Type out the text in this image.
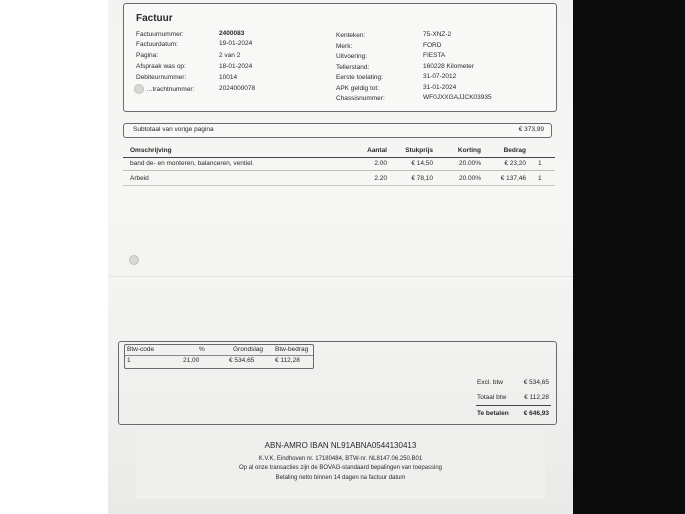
Factuur
Factuurnummer:	2400083
Factuurdatum:	19-01-2024
Pagina:	2 van 2
Afspraak was op:	18-01-2024
Debiteurnummer:	10014
…trachtnummer:	2024000078
Kenteken:	75-XNZ-2
Merk:	FORD
Uitvoering:	FIESTA
Tellerstand:	160228 Kilometer
Eerste toelating:	31-07-2012
APK geldig tot:	31-01-2024
Chassisnummer:	WF0JXXGAJJCK03935
Subtotaal van vorige pagina	€ 373,99
Omschrijving	Aantal	Stukprijs	Korting	Bedrag
band de- en monteren, balanceren, ventiel.	2.00	€ 14,50	20.00%	€ 23,20 1
Arbeid	2.20	€ 78,10	20.00%	€ 137,46 1
Btw-code	%	Grondslag Btw-bedrag
1	21,00	€ 534,65	€ 112,28
Excl. btw	€ 534,65
Totaal btw	€ 112,28
Te betalen	€ 646,93
ABN-AMRO IBAN NL91ABNA0544130413
K.V.K. Eindhoven nr. 17180484, BTW-nr. NL8147.06.250.B01
Op al onze transacties zijn de BOVAG-standaard bepalingen van toepassing
Betaling netto binnen 14 dagen na factuur datum
